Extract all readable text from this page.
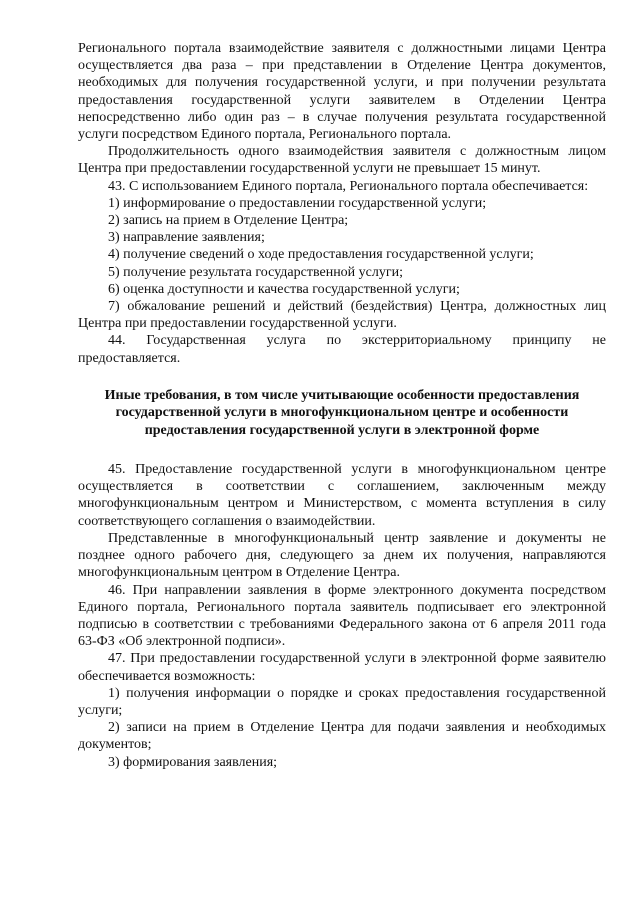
Регионального портала взаимодействие заявителя с должностными лицами Центра осуществляется два раза – при представлении в Отделение Центра документов, необходимых для получения государственной услуги, и при получении результата предоставления государственной услуги заявителем в Отделении Центра непосредственно либо один раз – в случае получения результата государственной услуги посредством Единого портала, Регионального портала.

Продолжительность одного взаимодействия заявителя с должностным лицом Центра при предоставлении государственной услуги не превышает 15 минут.

43. С использованием Единого портала, Регионального портала обеспечивается:

1) информирование о предоставлении государственной услуги;

2) запись на прием в Отделение Центра;

3) направление заявления;

4) получение сведений о ходе предоставления государственной услуги;

5) получение результата государственной услуги;

6) оценка доступности и качества государственной услуги;

7) обжалование решений и действий (бездействия) Центра, должностных лиц Центра при предоставлении государственной услуги.

44. Государственная услуга по экстерриториальному принципу не предоставляется.

Иные требования, в том числе учитывающие особенности предоставления государственной услуги в многофункциональном центре и особенности предоставления государственной услуги в электронной форме

45. Предоставление государственной услуги в многофункциональном центре осуществляется в соответствии с соглашением, заключенным между многофункциональным центром и Министерством, с момента вступления в силу соответствующего соглашения о взаимодействии.

Представленные в многофункциональный центр заявление и документы не позднее одного рабочего дня, следующего за днем их получения, направляются многофункциональным центром в Отделение Центра.

46. При направлении заявления в форме электронного документа посредством Единого портала, Регионального портала заявитель подписывает его электронной подписью в соответствии с требованиями Федерального закона от 6 апреля 2011 года 63-ФЗ «Об электронной подписи».

47. При предоставлении государственной услуги в электронной форме заявителю обеспечивается возможность:

1) получения информации о порядке и сроках предоставления государственной услуги;

2) записи на прием в Отделение Центра для подачи заявления и необходимых документов;

3) формирования заявления;
